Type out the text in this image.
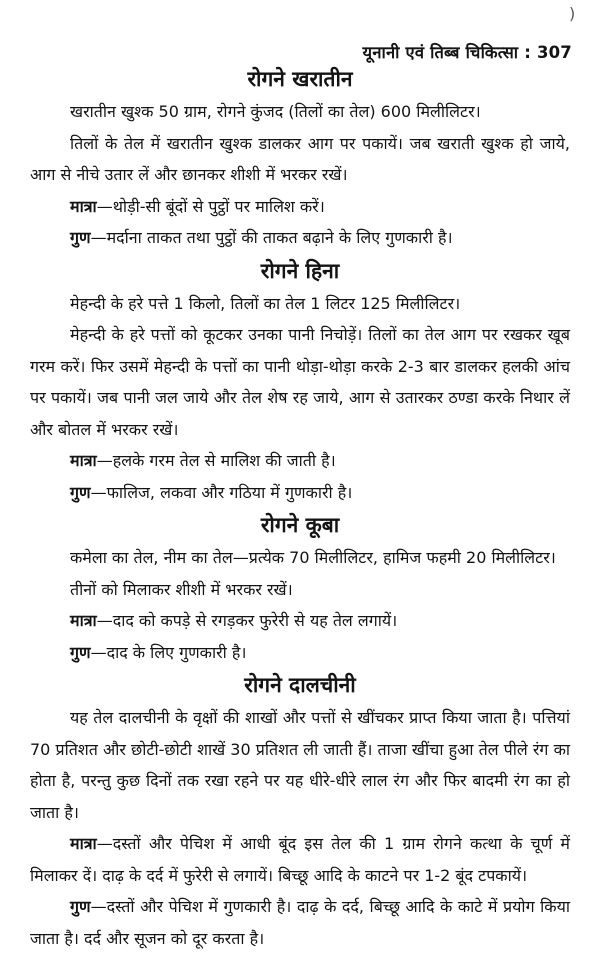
)
यूनानी एवं तिब्ब चिकित्सा : 307
रोगने खरातीन

खरातीन खुश्क 50 ग्राम, रोगने कुंजद (तिलों का तेल) 600 मिलीलिटर।

तिलों के तेल में खरातीन खुश्क डालकर आग पर पकायें। जब खराती खुश्क हो जाये, आग से नीचे उतार लें और छानकर शीशी में भरकर रखें।

मात्रा—थोड़ी-सी बूंदों से पुट्ठों पर मालिश करें।

गुण—मर्दाना ताकत तथा पुट्ठों की ताकत बढ़ाने के लिए गुणकारी है।

रोगने हिना

मेहन्दी के हरे पत्ते 1 किलो, तिलों का तेल 1 लिटर 125 मिलीलिटर।

मेहन्दी के हरे पत्तों को कूटकर उनका पानी निचोड़ें। तिलों का तेल आग पर रखकर खूब गरम करें। फिर उसमें मेहन्दी के पत्तों का पानी थोड़ा-थोड़ा करके 2-3 बार डालकर हलकी आंच पर पकायें। जब पानी जल जाये और तेल शेष रह जाये, आग से उतारकर ठण्डा करके निथार लें और बोतल में भरकर रखें।

मात्रा—हलके गरम तेल से मालिश की जाती है।

गुण—फालिज, लकवा और गठिया में गुणकारी है।

रोगने कूबा

कमेला का तेल, नीम का तेल—प्रत्येक 70 मिलीलिटर, हामिज फहमी 20 मिलीलिटर।

तीनों को मिलाकर शीशी में भरकर रखें।

मात्रा—दाद को कपड़े से रगड़कर फुरेरी से यह तेल लगायें।

गुण—दाद के लिए गुणकारी है।

रोगने दालचीनी

यह तेल दालचीनी के वृक्षों की शाखों और पत्तों से खींचकर प्राप्त किया जाता है। पत्तियां 70 प्रतिशत और छोटी-छोटी शाखें 30 प्रतिशत ली जाती हैं। ताजा खींचा हुआ तेल पीले रंग का होता है, परन्तु कुछ दिनों तक रखा रहने पर यह धीरे-धीरे लाल रंग और फिर बादमी रंग का हो जाता है।

मात्रा—दस्तों और पेचिश में आधी बूंद इस तेल की 1 ग्राम रोगने कत्था के चूर्ण में मिलाकर दें। दाढ़ के दर्द में फुरेरी से लगायें। बिच्छू आदि के काटने पर 1-2 बूंद टपकायें।

गुण—दस्तों और पेचिश में गुणकारी है। दाढ़ के दर्द, बिच्छू आदि के काटे में प्रयोग किया जाता है। दर्द और सूजन को दूर करता है।
